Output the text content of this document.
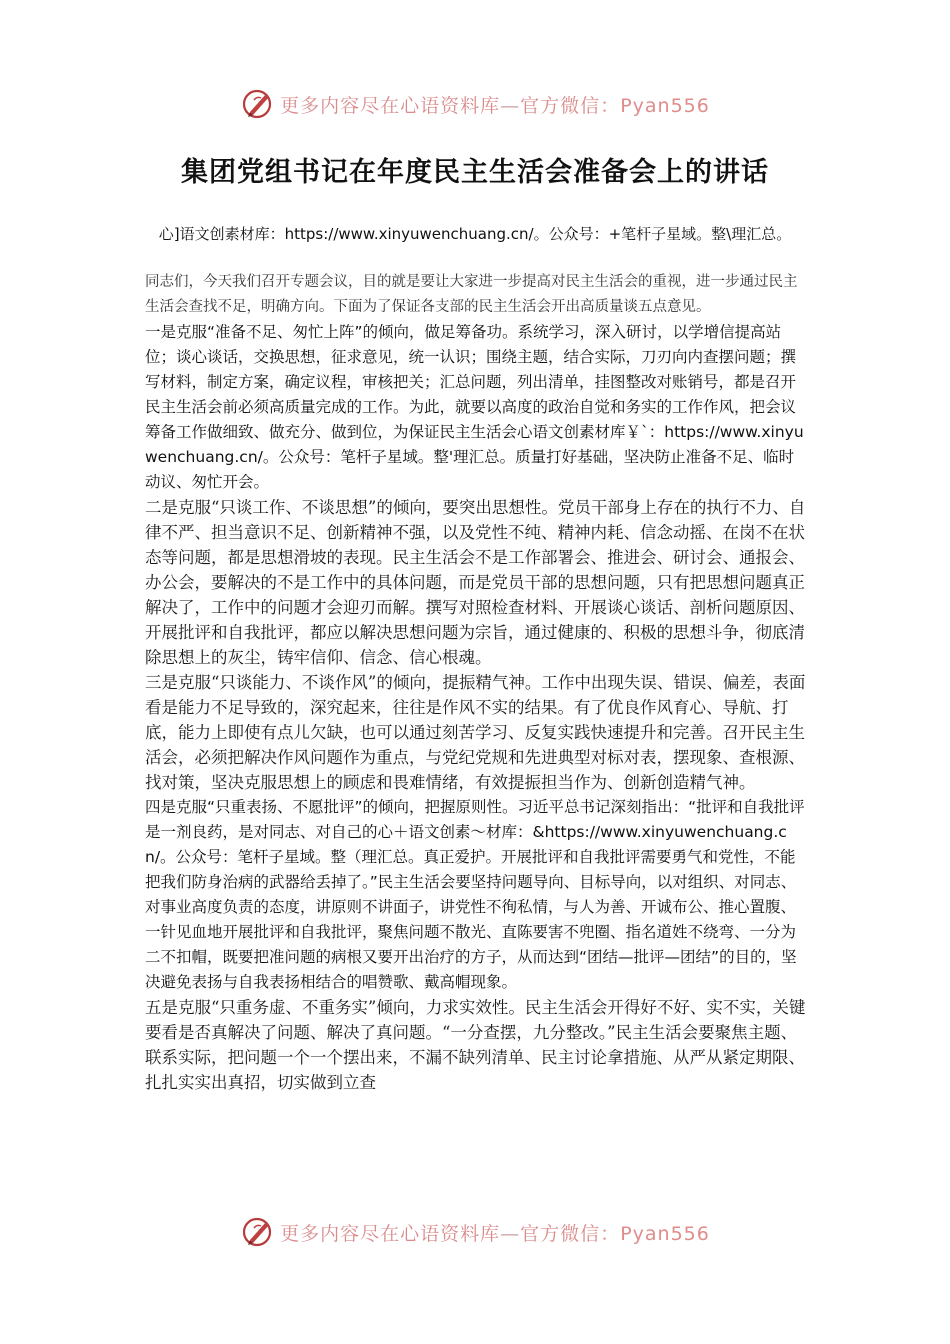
更多内容尽在心语资料库—官方微信：Pyan556
集团党组书记在年度民主生活会准备会上的讲话
心]语文创素材库：https://www.xinyuwenchuang.cn/。公众号：+笔杆子星域。整\理汇总。

同志们，今天我们召开专题会议，目的就是要让大家进一步提高对民主生活会的重视，进一步通过民主生活会查找不足，明确方向。下面为了保证各支部的民主生活会开出高质量谈五点意见。

一是克服“准备不足、匆忙上阵”的倾向，做足筹备功。系统学习，深入研讨，以学增信提高站位；谈心谈话，交换思想，征求意见，统一认识；围绕主题，结合实际，刀刃向内查摆问题；撰写材料，制定方案，确定议程，审核把关；汇总问题，列出清单，挂图整改对账销号，都是召开民主生活会前必须高质量完成的工作。为此，就要以高度的政治自觉和务实的工作作风，把会议筹备工作做细致、做充分、做到位，为保证民主生活会心语文创素材库￥`：https://www.xinyuwenchuang.cn/。公众号：笔杆子星域。整'理汇总。质量打好基础，坚决防止准备不足、临时动议、匆忙开会。

二是克服“只谈工作、不谈思想”的倾向，要突出思想性。党员干部身上存在的执行不力、自律不严、担当意识不足、创新精神不强，以及党性不纯、精神内耗、信念动摇、在岗不在状态等问题，都是思想滑坡的表现。民主生活会不是工作部署会、推进会、研讨会、通报会、办公会，要解决的不是工作中的具体问题，而是党员干部的思想问题，只有把思想问题真正解决了，工作中的问题才会迎刃而解。撰写对照检查材料、开展谈心谈话、剖析问题原因、开展批评和自我批评，都应以解决思想问题为宗旨，通过健康的、积极的思想斗争，彻底清除思想上的灰尘，铸牢信仰、信念、信心根魂。

三是克服“只谈能力、不谈作风”的倾向，提振精气神。工作中出现失误、错误、偏差，表面看是能力不足导致的，深究起来，往往是作风不实的结果。有了优良作风育心、导航、打底，能力上即使有点儿欠缺，也可以通过刻苦学习、反复实践快速提升和完善。召开民主生活会，必须把解决作风问题作为重点，与党纪党规和先进典型对标对表，摆现象、查根源、找对策，坚决克服思想上的顾虑和畏难情绪，有效提振担当作为、创新创造精气神。

四是克服“只重表扬、不愿批评”的倾向，把握原则性。习近平总书记深刻指出：“批评和自我批评是一剂良药，是对同志、对自己的心＋语文创素～材库：&https://www.xinyuwenchuang.cn/。公众号：笔杆子星域。整（理汇总。真正爱护。开展批评和自我批评需要勇气和党性，不能把我们防身治病的武器给丢掉了。”民主生活会要坚持问题导向、目标导向，以对组织、对同志、对事业高度负责的态度，讲原则不讲面子，讲党性不徇私情，与人为善、开诚布公、推心置腹、一针见血地开展批评和自我批评，聚焦问题不散光、直陈要害不兜圈、指名道姓不绕弯、一分为二不扣帽，既要把准问题的病根又要开出治疗的方子，从而达到“团结—批评—团结”的目的，坚决避免表扬与自我表扬相结合的唱赞歌、戴高帽现象。

五是克服“只重务虚、不重务实”倾向，力求实效性。民主生活会开得好不好、实不实，关键要看是否真解决了问题、解决了真问题。“一分查摆，九分整改。”民主生活会要聚焦主题、联系实际，把问题一个一个摆出来，不漏不缺列清单、民主讨论拿措施、从严从紧定期限、扎扎实实出真招，切实做到立查

更多内容尽在心语资料库—官方微信：Pyan556
